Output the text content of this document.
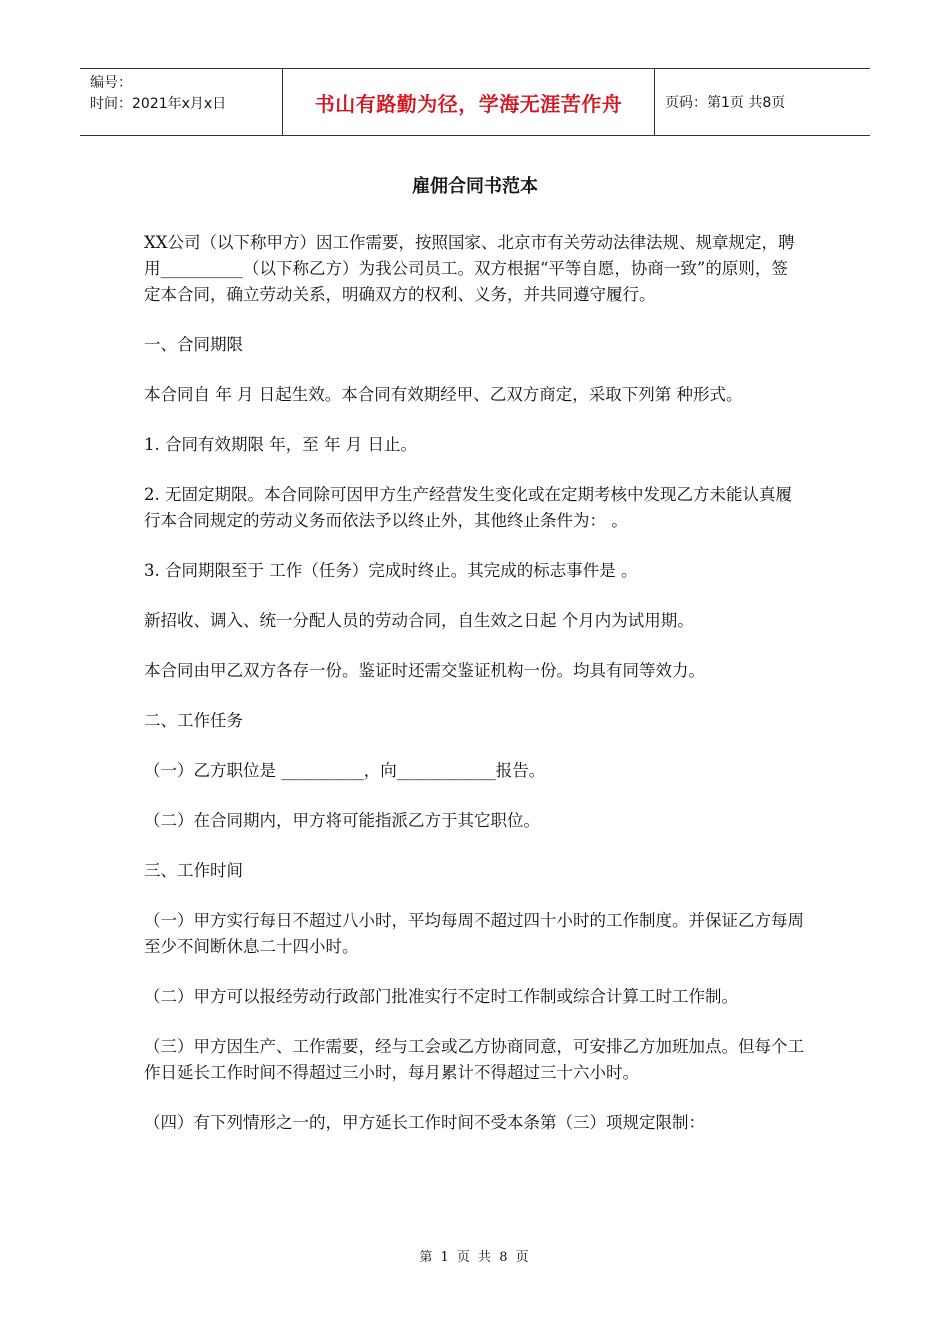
编号：
时间：2021年x月x日	书山有路勤为径，学海无涯苦作舟	页码：第1页 共8页
雇佣合同书范本

XX公司（以下称甲方）因工作需要，按照国家、北京市有关劳动法律法规、规章规定，聘用__________（以下称乙方）为我公司员工。双方根据“平等自愿，协商一致”的原则，签定本合同，确立劳动关系，明确双方的权利、义务，并共同遵守履行。

一、合同期限

本合同自 年 月 日起生效。本合同有效期经甲、乙双方商定，采取下列第 种形式。

1. 合同有效期限 年，至 年 月 日止。

2. 无固定期限。本合同除可因甲方生产经营发生变化或在定期考核中发现乙方未能认真履行本合同规定的劳动义务而依法予以终止外，其他终止条件为： 。

3. 合同期限至于 工作（任务）完成时终止。其完成的标志事件是 。

新招收、调入、统一分配人员的劳动合同，自生效之日起 个月内为试用期。

本合同由甲乙双方各存一份。鉴证时还需交鉴证机构一份。均具有同等效力。

二、工作任务

（一）乙方职位是 __________，向____________报告。

（二）在合同期内，甲方将可能指派乙方于其它职位。

三、工作时间

（一）甲方实行每日不超过八小时，平均每周不超过四十小时的工作制度。并保证乙方每周至少不间断休息二十四小时。

（二）甲方可以报经劳动行政部门批准实行不定时工作制或综合计算工时工作制。

（三）甲方因生产、工作需要，经与工会或乙方协商同意，可安排乙方加班加点。但每个工作日延长工作时间不得超过三小时，每月累计不得超过三十六小时。

（四）有下列情形之一的，甲方延长工作时间不受本条第（三）项规定限制：

第 1 页 共 8 页
